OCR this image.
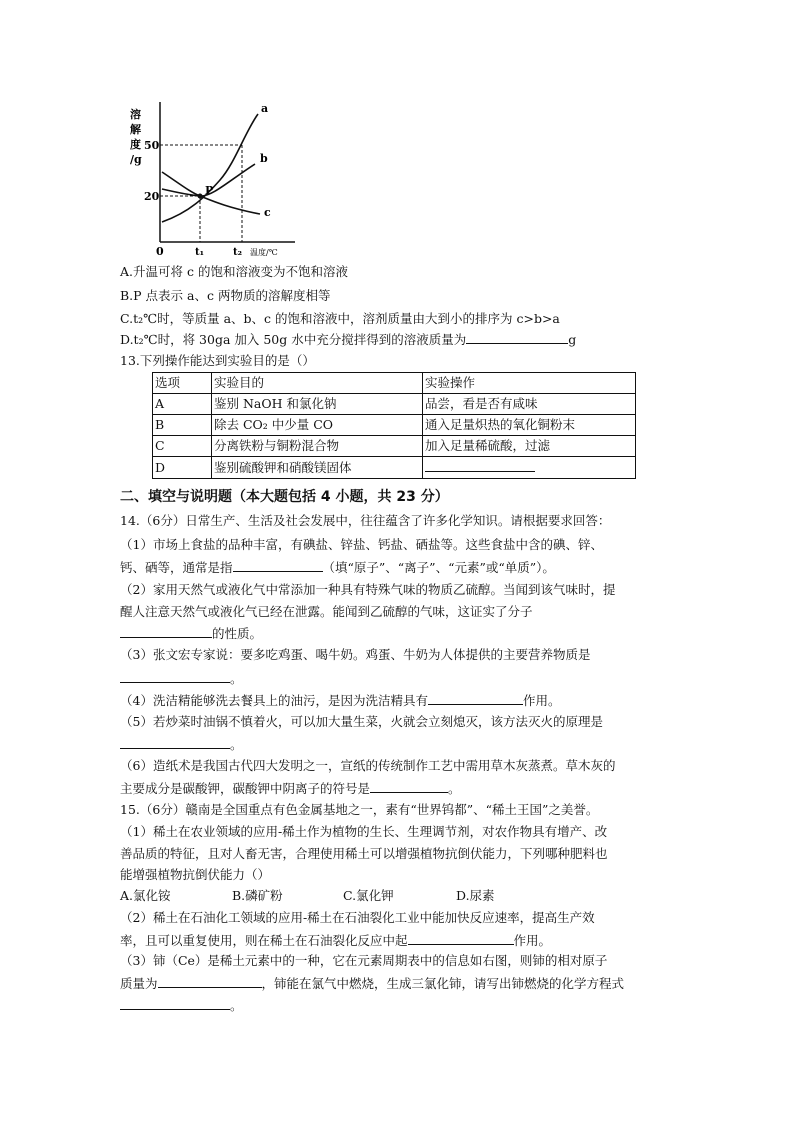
溶
解
度
/g
50
20
0	t₁	t₂ 温度/℃
P
a
b
c
A.升温可将 c 的饱和溶液变为不饱和溶液
B.P 点表示 a、c 两物质的溶解度相等
C.t₂℃时，等质量 a、b、c 的饱和溶液中，溶剂质量由大到小的排序为 c>b>a
D.t₂℃时，将 30ga 加入 50g 水中充分搅拌得到的溶液质量为	g
13.下列操作能达到实验目的是（）
选项	实验目的	实验操作
A	鉴别 NaOH 和氯化钠	品尝，看是否有咸味
B	除去 CO₂ 中少量 CO	通入足量炽热的氧化铜粉末
C	分离铁粉与铜粉混合物	加入足量稀硫酸，过滤
D	鉴别硫酸钾和硝酸镁固体	
二、填空与说明题（本大题包括 4 小题，共 23 分）
14.（6分）日常生产、生活及社会发展中，往往蕴含了许多化学知识。请根据要求回答：
（1）市场上食盐的品种丰富，有碘盐、锌盐、钙盐、硒盐等。这些食盐中含的碘、锌、
钙、硒等，通常是指	（填“原子”、“离子”、“元素”或“单质”）。
（2）家用天然气或液化气中常添加一种具有特殊气味的物质乙硫醇。当闻到该气味时，提
醒人注意天然气或液化气已经在泄露。能闻到乙硫醇的气味，这证实了分子
的性质。
（3）张文宏专家说：要多吃鸡蛋、喝牛奶。鸡蛋、牛奶为人体提供的主要营养物质是
。
（4）洗洁精能够洗去餐具上的油污，是因为洗洁精具有	作用。
（5）若炒菜时油锅不慎着火，可以加大量生菜，火就会立刻熄灭，该方法灭火的原理是
。
（6）造纸术是我国古代四大发明之一，宣纸的传统制作工艺中需用草木灰蒸煮。草木灰的
主要成分是碳酸钾，碳酸钾中阴离子的符号是	。
15.（6分）赣南是全国重点有色金属基地之一，素有“世界钨都”、“稀土王国”之美誉。
（1）稀土在农业领域的应用-稀土作为植物的生长、生理调节剂，对农作物具有增产、改
善品质的特征，且对人畜无害，合理使用稀土可以增强植物抗倒伏能力，下列哪种肥料也
能增强植物抗倒伏能力（）
A.氯化铵	B.磷矿粉	C.氯化钾	D.尿素
（2）稀土在石油化工领域的应用-稀土在石油裂化工业中能加快反应速率，提高生产效
率，且可以重复使用，则在稀土在石油裂化反应中起	作用。
（3）铈（Ce）是稀土元素中的一种，它在元素周期表中的信息如右图，则铈的相对原子
质量为	，铈能在氯气中燃烧，生成三氯化铈，请写出铈燃烧的化学方程式
。
